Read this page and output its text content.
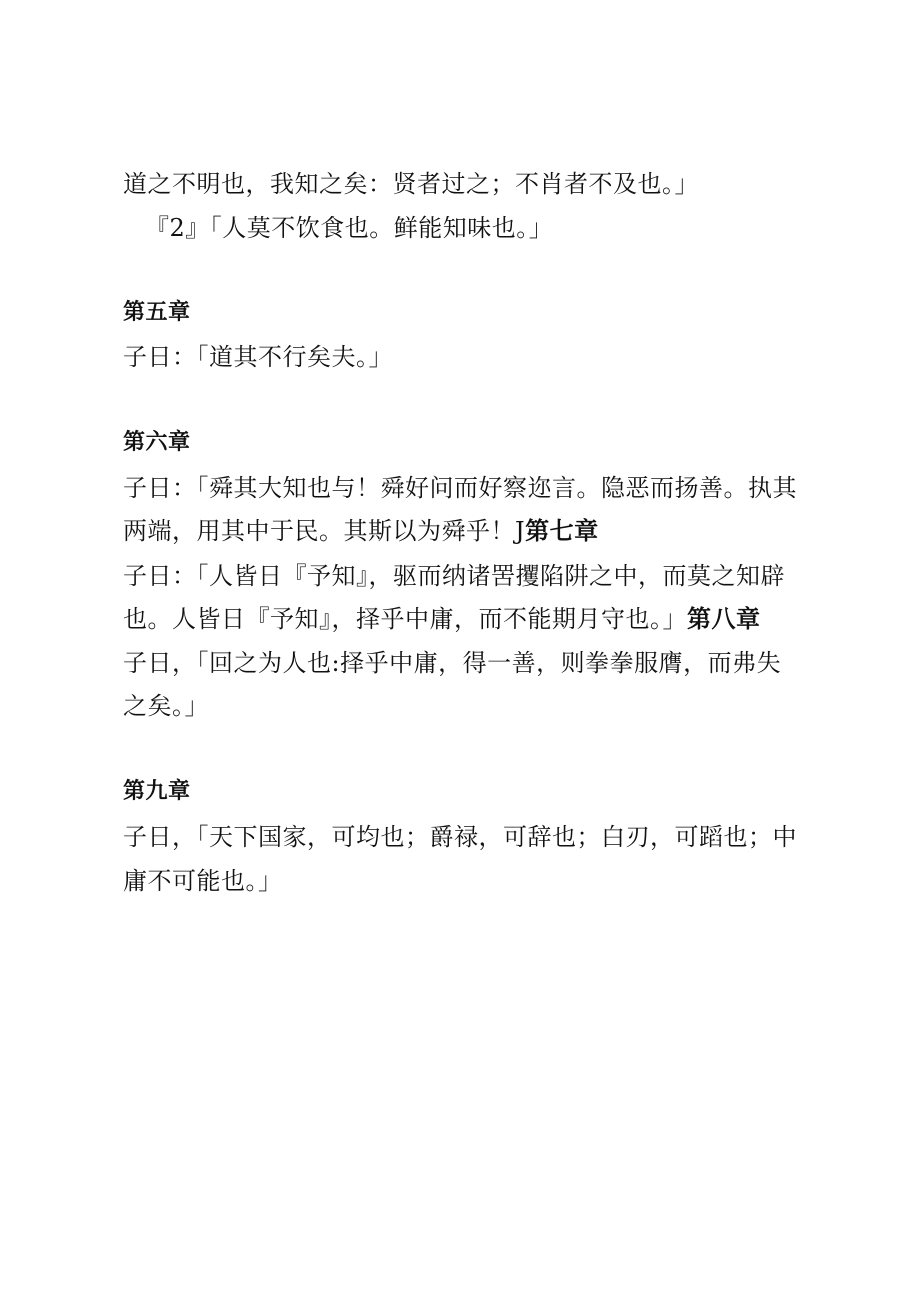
道之不明也，我知之矣：贤者过之；不肖者不及也。」
『2』「人莫不饮食也。鲜能知味也。」
第五章
子日：「道其不行矣夫。」
第六章
子日：「舜其大知也与！舜好问而好察迩言。隐恶而扬善。执其
两端，用其中于民。其斯以为舜乎！J第七章
子日：「人皆日『予知』，驱而纳诸罟攫陷阱之中，而莫之知辟
也。人皆日『予知』，择乎中庸，而不能期月守也。」第八章
子日，「回之为人也:择乎中庸，得一善，则拳拳服膺，而弗失
之矣。」
第九章
子日，「天下国家，可均也；爵禄，可辞也；白刃，可蹈也；中
庸不可能也。」
